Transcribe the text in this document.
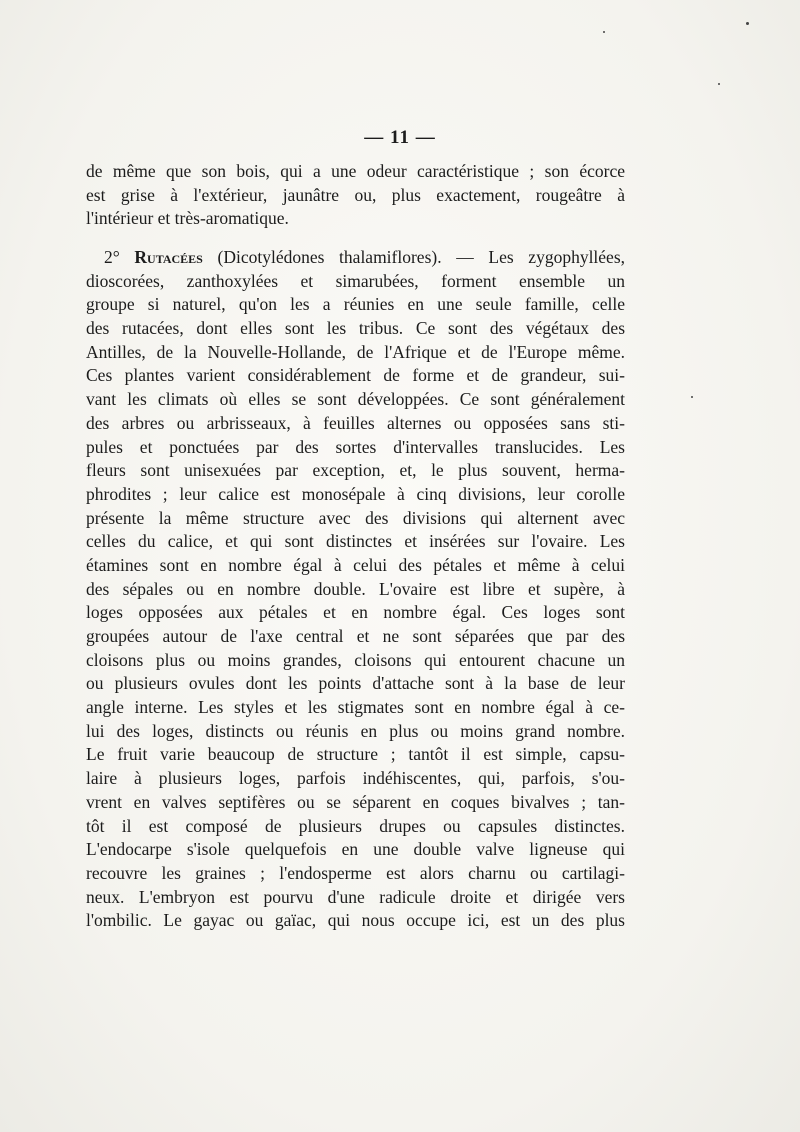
— 11 —
de même que son bois, qui a une odeur caractéristique ; son écorce
est grise à l'extérieur, jaunâtre ou, plus exactement, rougeâtre à
l'intérieur et très-aromatique.
2° Rutacées (Dicotylédones thalamiflores). — Les zygophyllées,
dioscorées, zanthoxylées et simarubées, forment ensemble un
groupe si naturel, qu'on les a réunies en une seule famille, celle
des rutacées, dont elles sont les tribus. Ce sont des végétaux des
Antilles, de la Nouvelle-Hollande, de l'Afrique et de l'Europe même.
Ces plantes varient considérablement de forme et de grandeur, sui-
vant les climats où elles se sont développées. Ce sont généralement
des arbres ou arbrisseaux, à feuilles alternes ou opposées sans sti-
pules et ponctuées par des sortes d'intervalles translucides. Les
fleurs sont unisexuées par exception, et, le plus souvent, herma-
phrodites ; leur calice est monosépale à cinq divisions, leur corolle
présente la même structure avec des divisions qui alternent avec
celles du calice, et qui sont distinctes et insérées sur l'ovaire. Les
étamines sont en nombre égal à celui des pétales et même à celui
des sépales ou en nombre double. L'ovaire est libre et supère, à
loges opposées aux pétales et en nombre égal. Ces loges sont
groupées autour de l'axe central et ne sont séparées que par des
cloisons plus ou moins grandes, cloisons qui entourent chacune un
ou plusieurs ovules dont les points d'attache sont à la base de leur
angle interne. Les styles et les stigmates sont en nombre égal à ce-
lui des loges, distincts ou réunis en plus ou moins grand nombre.
Le fruit varie beaucoup de structure ; tantôt il est simple, capsu-
laire à plusieurs loges, parfois indéhiscentes, qui, parfois, s'ou-
vrent en valves septifères ou se séparent en coques bivalves ; tan-
tôt il est composé de plusieurs drupes ou capsules distinctes.
L'endocarpe s'isole quelquefois en une double valve ligneuse qui
recouvre les graines ; l'endosperme est alors charnu ou cartilagi-
neux. L'embryon est pourvu d'une radicule droite et dirigée vers
l'ombilic. Le gayac ou gaïac, qui nous occupe ici, est un des plus
